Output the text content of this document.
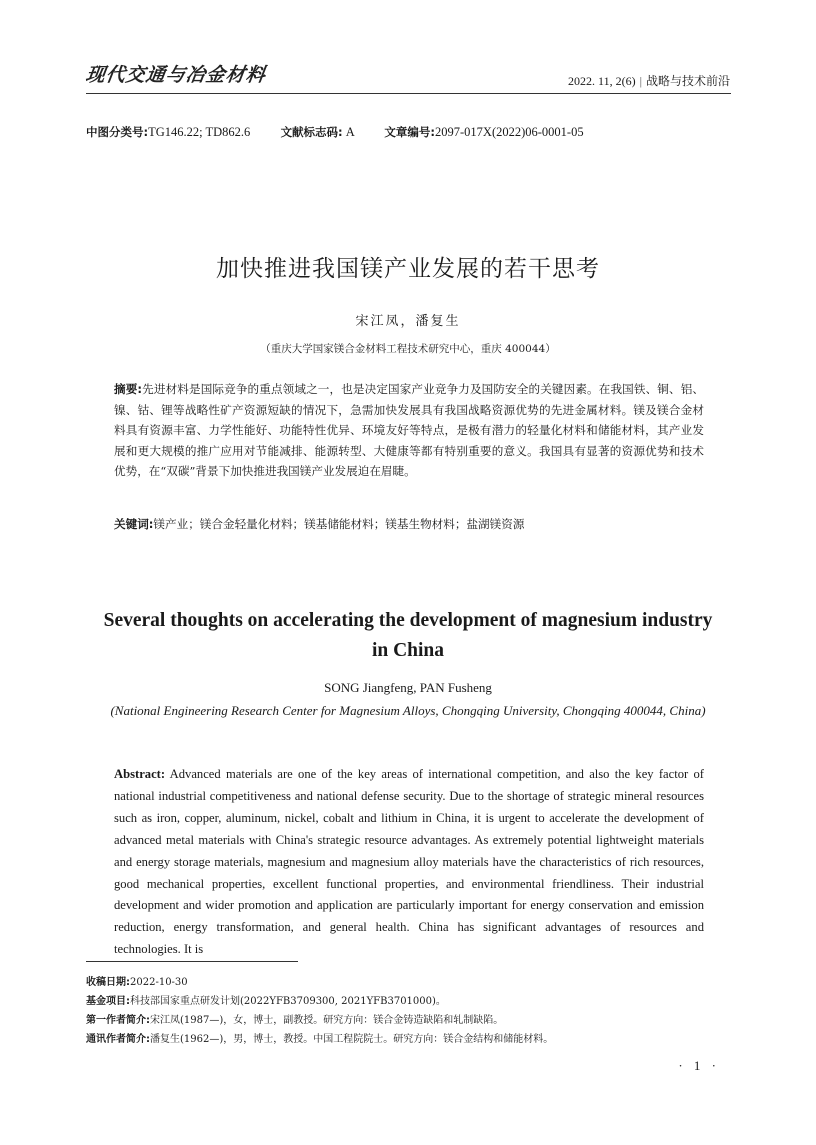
现代交通与冶金材料	2022. 11, 2(6) | 战略与技术前沿
中图分类号:TG146.22; TD862.6	文献标志码: A	文章编号:2097-017X(2022)06-0001-05
加快推进我国镁产业发展的若干思考
宋江凤，潘复生
（重庆大学国家镁合金材料工程技术研究中心，重庆 400044）
摘要:先进材料是国际竞争的重点领域之一，也是决定国家产业竞争力及国防安全的关键因素。在我国铁、铜、铝、镍、钴、锂等战略性矿产资源短缺的情况下，急需加快发展具有我国战略资源优势的先进金属材料。镁及镁合金材料具有资源丰富、力学性能好、功能特性优异、环境友好等特点，是极有潜力的轻量化材料和储能材料，其产业发展和更大规模的推广应用对节能减排、能源转型、大健康等都有特别重要的意义。我国具有显著的资源优势和技术优势，在“双碳”背景下加快推进我国镁产业发展迫在眉睫。
关键词:镁产业；镁合金轻量化材料；镁基储能材料；镁基生物材料；盐湖镁资源
Several thoughts on accelerating the development of magnesium industry in China
SONG Jiangfeng, PAN Fusheng
(National Engineering Research Center for Magnesium Alloys, Chongqing University, Chongqing 400044, China)
Abstract: Advanced materials are one of the key areas of international competition, and also the key factor of national industrial competitiveness and national defense security. Due to the shortage of strategic mineral resources such as iron, copper, aluminum, nickel, cobalt and lithium in China, it is urgent to accelerate the development of advanced metal materials with China's strategic resource advantages. As extremely potential lightweight materials and energy storage materials, magnesium and magnesium alloy materials have the characteristics of rich resources, good mechanical properties, excellent functional properties, and environmental friendliness. Their industrial development and wider promotion and application are particularly important for energy conservation and emission reduction, energy transformation, and general health. China has significant advantages of resources and technologies. It is
收稿日期:2022-10-30
基金项目:科技部国家重点研发计划(2022YFB3709300, 2021YFB3701000)。
第一作者简介:宋江凤(1987—)，女，博士，副教授。研究方向：镁合金铸造缺陷和轧制缺陷。
通讯作者简介:潘复生(1962—)，男，博士，教授。中国工程院院士。研究方向：镁合金结构和储能材料。
· 1 ·
